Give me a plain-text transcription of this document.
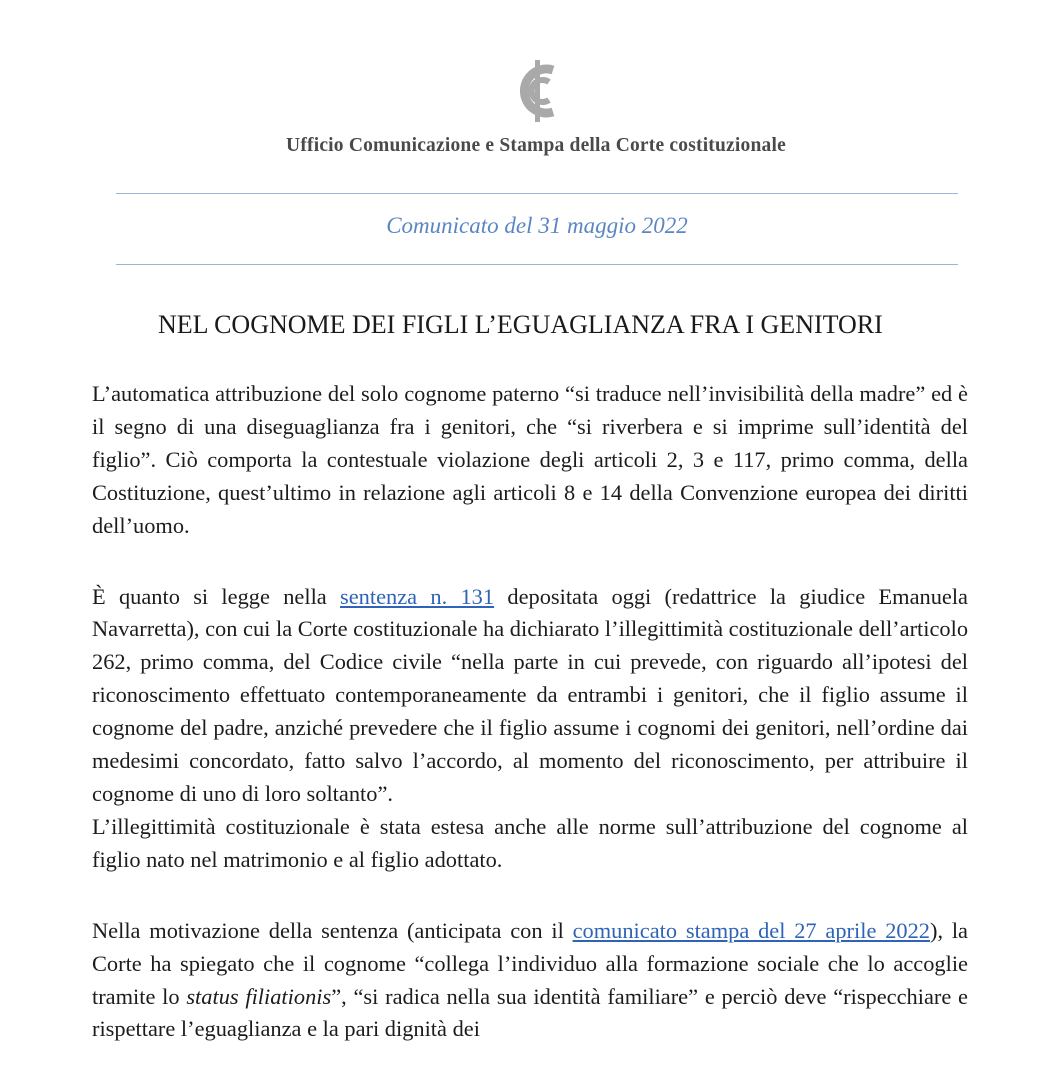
Ufficio Comunicazione e Stampa della Corte costituzionale
Comunicato del 31 maggio 2022
NEL COGNOME DEI FIGLI L’EGUAGLIANZA FRA I GENITORI

L’automatica attribuzione del solo cognome paterno “si traduce nell’invisibilità della madre” ed è il segno di una diseguaglianza fra i genitori, che “si riverbera e si imprime sull’identità del figlio”. Ciò comporta la contestuale violazione degli articoli 2, 3 e 117, primo comma, della Costituzione, quest’ultimo in relazione agli articoli 8 e 14 della Convenzione europea dei diritti dell’uomo.

È quanto si legge nella sentenza n. 131 depositata oggi (redattrice la giudice Emanuela Navarretta), con cui la Corte costituzionale ha dichiarato l’illegittimità costituzionale dell’articolo 262, primo comma, del Codice civile “nella parte in cui prevede, con riguardo all’ipotesi del riconoscimento effettuato contemporaneamente da entrambi i genitori, che il figlio assume il cognome del padre, anziché prevedere che il figlio assume i cognomi dei genitori, nell’ordine dai medesimi concordato, fatto salvo l’accordo, al momento del riconoscimento, per attribuire il cognome di uno di loro soltanto”.

L’illegittimità costituzionale è stata estesa anche alle norme sull’attribuzione del cognome al figlio nato nel matrimonio e al figlio adottato.

Nella motivazione della sentenza (anticipata con il comunicato stampa del 27 aprile 2022), la Corte ha spiegato che il cognome “collega l’individuo alla formazione sociale che lo accoglie tramite lo status filiationis”, “si radica nella sua identità familiare” e perciò deve “rispecchiare e rispettare l’eguaglianza e la pari dignità dei
